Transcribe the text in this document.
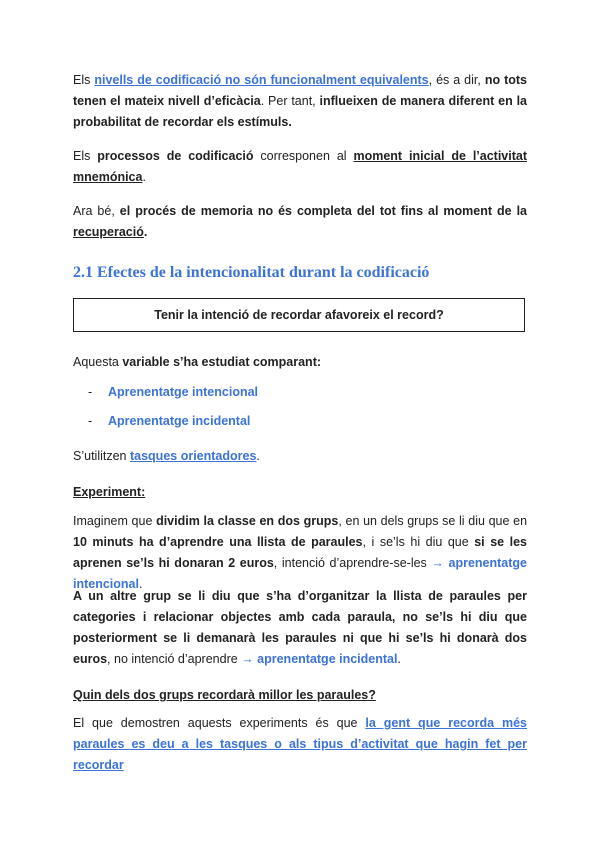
Els nivells de codificació no són funcionalment equivalents, és a dir, no tots tenen el mateix nivell d’eficàcia. Per tant, influeixen de manera diferent en la probabilitat de recordar els estímuls.

Els processos de codificació corresponen al moment inicial de l’activitat mnemónica.

Ara bé, el procés de memoria no és completa del tot fins al moment de la recuperació.

2.1 Efectes de la intencionalitat durant la codificació
Tenir la intenció de recordar afavoreix el record?

Aquesta variable s’ha estudiat comparant:

- Aprenentatge intencional
- Aprenentatge incidental

S’utilitzen tasques orientadores.

Experiment:

Imaginem que dividim la classe en dos grups, en un dels grups se li diu que en 10 minuts ha d’aprendre una llista de paraules, i se’ls hi diu que si se les aprenen se’ls hi donaran 2 euros, intenció d’aprendre-se-les → aprenentatge intencional.

A un altre grup se li diu que s’ha d’organitzar la llista de paraules per categories i relacionar objectes amb cada paraula, no se’ls hi diu que posteriorment se li demanarà les paraules ni que hi se’ls hi donarà dos euros, no intenció d’aprendre → aprenentatge incidental.

Quin dels dos grups recordarà millor les paraules?

El que demostren aquests experiments és que la gent que recorda més paraules es deu a les tasques o als tipus d’activitat que hagin fet per recordar
